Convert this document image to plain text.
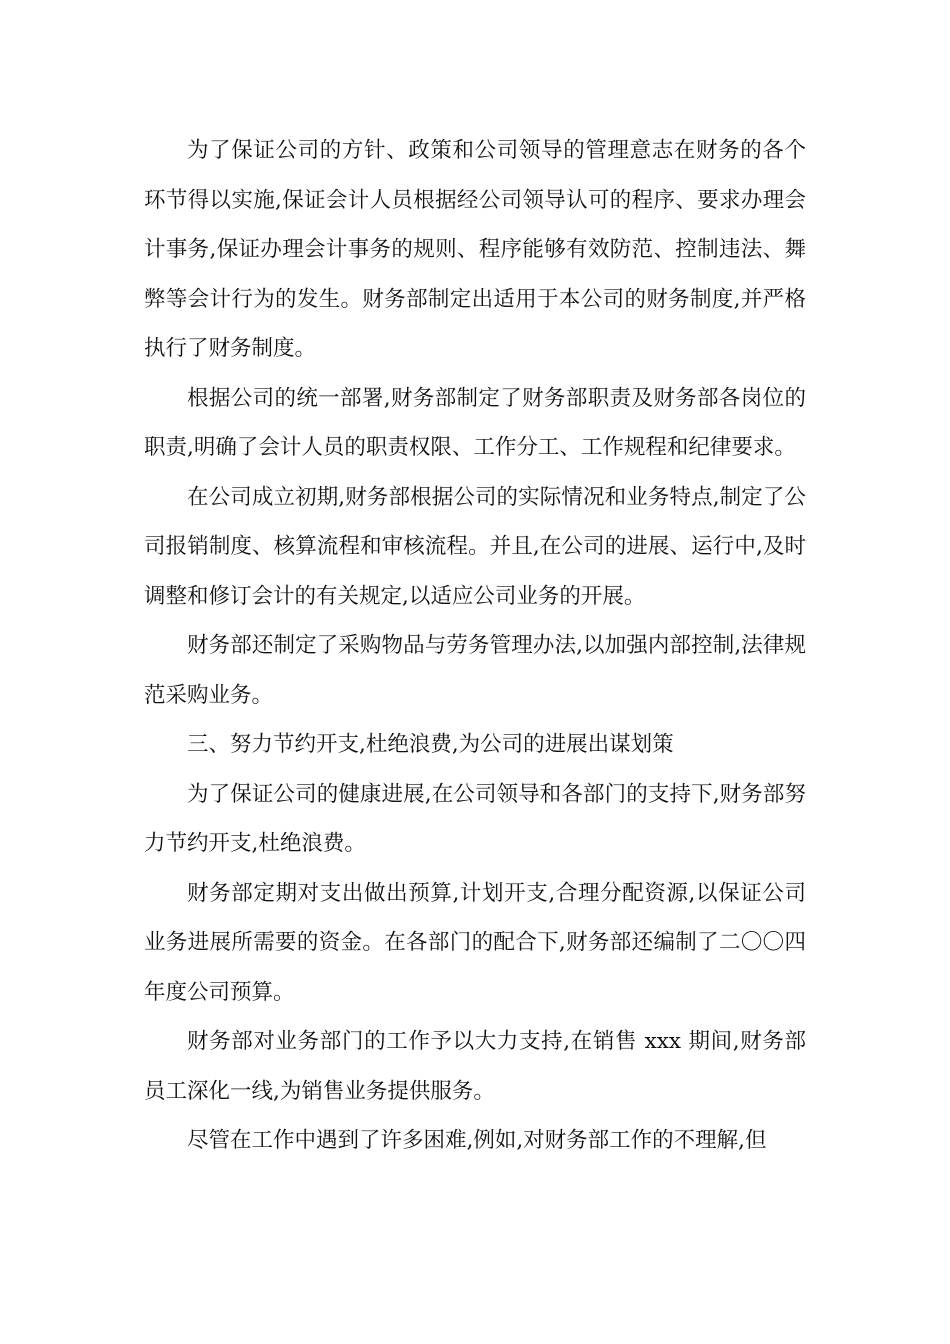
为了保证公司的方针、政策和公司领导的管理意志在财务的各个环节得以实施,保证会计人员根据经公司领导认可的程序、要求办理会计事务,保证办理会计事务的规则、程序能够有效防范、控制违法、舞弊等会计行为的发生。财务部制定出适用于本公司的财务制度,并严格执行了财务制度。

根据公司的统一部署,财务部制定了财务部职责及财务部各岗位的职责,明确了会计人员的职责权限、工作分工、工作规程和纪律要求。

在公司成立初期,财务部根据公司的实际情况和业务特点,制定了公司报销制度、核算流程和审核流程。并且,在公司的进展、运行中,及时调整和修订会计的有关规定,以适应公司业务的开展。

财务部还制定了采购物品与劳务管理办法,以加强内部控制,法律规范采购业务。

三、努力节约开支,杜绝浪费,为公司的进展出谋划策

为了保证公司的健康进展,在公司领导和各部门的支持下,财务部努力节约开支,杜绝浪费。

财务部定期对支出做出预算,计划开支,合理分配资源,以保证公司业务进展所需要的资金。在各部门的配合下,财务部还编制了二〇〇四年度公司预算。

财务部对业务部门的工作予以大力支持,在销售 xxx 期间,财务部员工深化一线,为销售业务提供服务。

尽管在工作中遇到了许多困难,例如,对财务部工作的不理解,但
